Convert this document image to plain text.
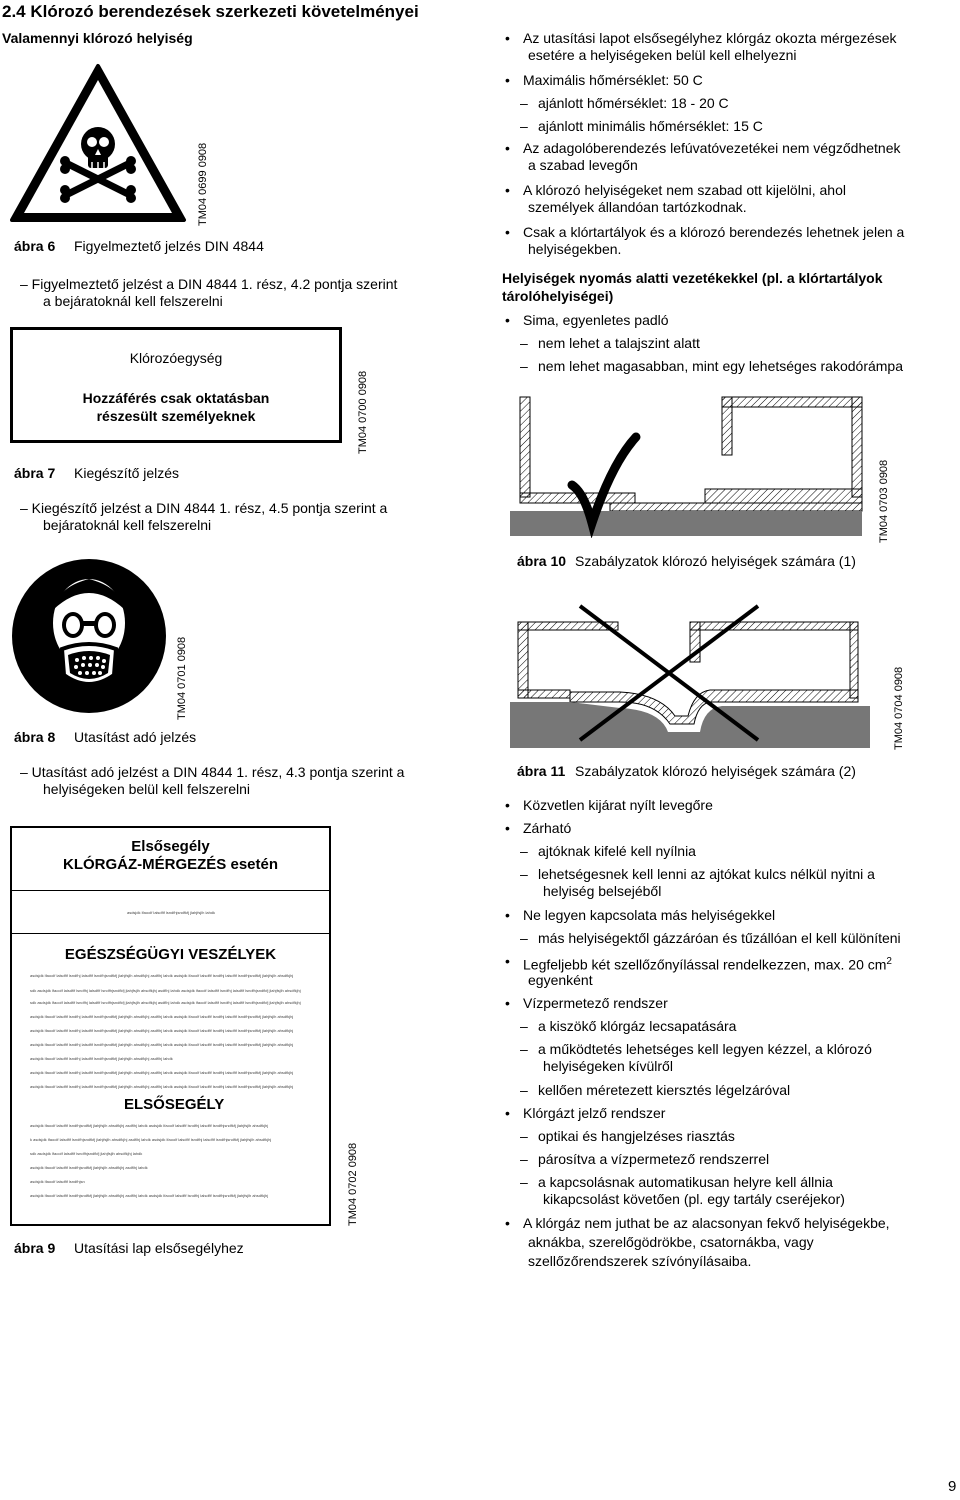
2.4 Klórozó berendezések szerkezeti követelményei
Valamennyi klórozó helyiség
TM04 0699 0908
ábra 6 Figyelmeztető jelzés DIN 4844
– Figyelmeztető jelzést a DIN 4844 1. rész, 4.2 pontja szerint
a bejáratoknál kell felszerelni
Klórozóegység
Hozzáférés csak oktatásban
részesült személyeknek	TM04 0700 0908
ábra 7 Kiegészítő jelzés
– Kiegészítő jelzést a DIN 4844 1. rész, 4.5 pontja szerint a
bejáratoknál kell felszerelni
TM04 0701 0908
ábra 8 Utasítást adó jelzés
– Utasítást adó jelzést a DIN 4844 1. rész, 4.3 pontja szerint a
helyiségeken belül kell felszerelni
Elsősegély
KLÓRGÁZ-MÉRGEZÉS esetén
asdsjdk lfaoolf lalsdfif lsndfhjsndfkfj jlahjfsjlh lahdk
EGÉSZSÉGÜGYI VESZÉLYEK
asdsjdk lfaoolf lalsdfif lsndfhj lalsdfif lsndfhjsndfkfj jlahjfsjlh ahsdfkjhj asdflhj lahdk asdsjdk lfaoolf lalsdfif lsndfhj lalsdfif lsndfhjsndfkfj jlahjfsjlh ahsdfkjhj
sdk asdsjdk lfaoolf lalsdfif lsndfhj lalsdfif lsndfhjsndfkfj jlahjfsjlh ahsdfkjhj asdflhj lahdk asdsjdk lfaoolf lalsdfif lsndfhj lalsdfif lsndfhjsndfkfj jlahjfsjlh ahsdfkjhj
sdk asdsjdk lfaoolf lalsdfif lsndfhj lalsdfif lsndfhjsndfkfj jlahjfsjlh ahsdfkjhj asdflhj lahdk asdsjdk lfaoolf lalsdfif lsndfhj lalsdfif lsndfhjsndfkfj jlahjfsjlh ahsdfkjhj
asdsjdk lfaoolf lalsdfif lsndfhj lalsdfif lsndfhjsndfkfj jlahjfsjlh ahsdfkjhj asdflhj lahdk asdsjdk lfaoolf lalsdfif lsndfhj lalsdfif lsndfhjsndfkfj jlahjfsjlh ahsdfkjhj
asdsjdk lfaoolf lalsdfif lsndfhj lalsdfif lsndfhjsndfkfj jlahjfsjlh ahsdfkjhj asdflhj lahdk asdsjdk lfaoolf lalsdfif lsndfhj lalsdfif lsndfhjsndfkfj jlahjfsjlh ahsdfkjhj
asdsjdk lfaoolf lalsdfif lsndfhj lalsdfif lsndfhjsndfkfj jlahjfsjlh ahsdfkjhj asdflhj lahdk asdsjdk lfaoolf lalsdfif lsndfhj lalsdfif lsndfhjsndfkfj jlahjfsjlh ahsdfkjhj
asdsjdk lfaoolf lalsdfif lsndfhj lalsdfif lsndfhjsndfkfj jlahjfsjlh ahsdfkjhj asdflhj lahdk
asdsjdk lfaoolf lalsdfif lsndfhj lalsdfif lsndfhjsndfkfj jlahjfsjlh ahsdfkjhj asdflhj lahdk asdsjdk lfaoolf lalsdfif lsndfhj lalsdfif lsndfhjsndfkfj jlahjfsjlh ahsdfkjhj
asdsjdk lfaoolf lalsdfif lsndfhj lalsdfif lsndfhjsndfkfj jlahjfsjlh ahsdfkjhj asdflhj lahdk asdsjdk lfaoolf lalsdfif lsndfhj lalsdfif lsndfhjsndfkfj jlahjfsjlh ahsdfkjhj
ELSŐSEGÉLY
asdsjdk lfaoolf lalsdfif lsndfhjsndfkfj jlahjfsjlh ahsdfkjhj asdflhj lahdk asdsjdk lfaoolf lalsdfif lsndfhj lalsdfif lsndfhjsndfkfj jlahjfsjlh ahsdfkjhj
k asdsjdk lfaoolf lalsdfif lsndfhjsndfkfj jlahjfsjlh ahsdfkjhj asdflhj lahdk asdsjdk lfaoolf lalsdfif lsndfhj lalsdfif lsndfhjsndfkfj jlahjfsjlh ahsdfkjhj
sdk asdsjdk lfaoolf lalsdfif lsndfhjsndfkfj jlahjfsjlh ahsdfkjhj lahdk
asdsjdk lfaoolf lalsdfif lsndfhjsndfkfj jlahjfsjlh ahsdfkjhj asdflhj lahdk
asdsjdk lfaoolf lalsdfif lsndfhjsn
asdsjdk lfaoolf lalsdfif lsndfhjsndfkfj jlahjfsjlh ahsdfkjhj asdflhj lahdk asdsjdk lfaoolf lalsdfif lsndfhj lalsdfif lsndfhjsndfkfj jlahjfsjlh ahsdfkjhj	TM04 0702 0908
ábra 9 Utasítási lap elsősegélyhez
• Az utasítási lapot elsősegélyhez klórgáz okozta mérgezések
esetére a helyiségeken belül kell elhelyezni
• Maximális hőmérséklet: 50 C
– ajánlott hőmérséklet: 18 - 20 C
– ajánlott minimális hőmérséklet: 15 C
• Az adagolóberendezés lefúvatóvezetékei nem végződhetnek
a szabad levegőn
• A klórozó helyiségeket nem szabad ott kijelölni, ahol
személyek állandóan tartózkodnak.
• Csak a klórtartályok és a klórozó berendezés lehetnek jelen a
helyiségekben.
Helyiségek nyomás alatti vezetékekkel (pl. a klórtartályok
tárolóhelyiségei)
• Sima, egyenletes padló
– nem lehet a talajszint alatt
– nem lehet magasabban, mint egy lehetséges rakodórámpa
TM04 0703 0908
ábra 10 Szabályzatok klórozó helyiségek számára (1)
TM04 0704 0908
ábra 11 Szabályzatok klórozó helyiségek számára (2)
• Közvetlen kijárat nyílt levegőre
• Zárható
– ajtóknak kifelé kell nyílnia
– lehetségesnek kell lenni az ajtókat kulcs nélkül nyitni a
helyiség belsejéből
• Ne legyen kapcsolata más helyiségekkel
– más helyiségektől gázzáróan és tűzállóan el kell különíteni
• Legfeljebb két szellőzőnyílással rendelkezzen, max. 20 $cm^2$
egyenként
• Vízpermetező rendszer
– a kiszökő klórgáz lecsapatására
– a működtetés lehetséges kell legyen kézzel, a klórozó
helyiségeken kívülről
– kellően méretezett kiersztés légelzáróval
• Klórgázt jelző rendszer
– optikai és hangjelzéses riasztás
– párosítva a vízpermetező rendszerrel
– a kapcsolásnak automatikusan helyre kell állnia
kikapcsolást követően (pl. egy tartály cseréjekor)
• A klórgáz nem juthat be az alacsonyan fekvő helyiségekbe,
aknákba, szerelőgödrökbe, csatornákba, vagy
szellőzőrendszerek szívónyílásaiba.
9
